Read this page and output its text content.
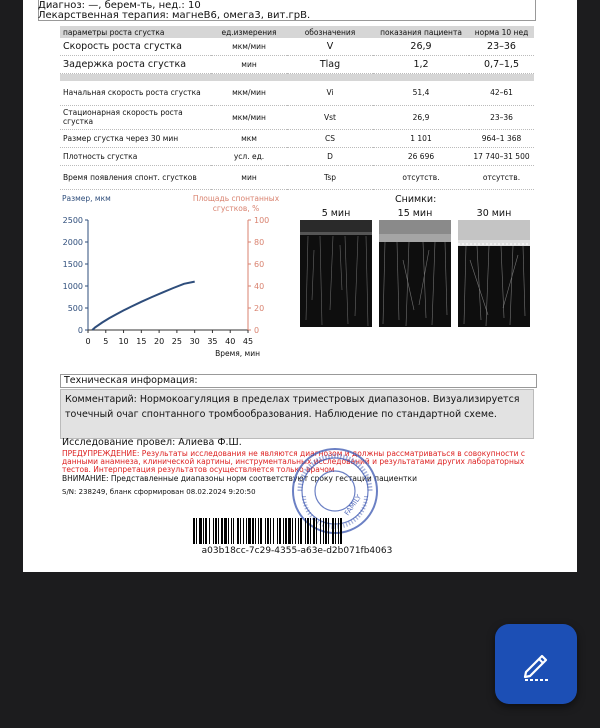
Диагноз: —, берем-ть, нед.: 10
Лекарственная терапия: магнеВ6, омега3, вит.грВ.
параметры роста сгустка	ед.измерения	обозначения	показания пациента	норма 10 нед
Скорость роста сгустка	мкм/мин	V	26,9	23–36
Задержка роста сгустка	мин	Tlag	1,2	0,7–1,5

Начальная скорость роста сгустка	мкм/мин	Vi	51,4	42–61
Стационарная скорость роста сгустка	мкм/мин	Vst	26,9	23–36
Размер сгустка через 30 мин	мкм	CS	1 101	964–1 368
Плотность сгустка	усл. ед.	D	26 696	17 740–31 500
Время появления спонт. сгустков	мин	Tsp	отсутств.	отсутств.
Размер, мкм	Площадь спонтанных
сгустков, %
Время, мин
0
500
1000
1500
2000
2500
0
20
40
60
80
100
0 5 10 15 20 25 30 35 40 45
Снимки:
5 мин	15 мин	30 мин
Техническая информация:
Комментарий: Нормокоагуляция в пределах триместровых диапазонов. Визуализируется
точечный очаг спонтанного тромбообразования. Наблюдение по стандартной схеме.
Исследование провел: Алиева Ф.Ш.
ПРЕДУПРЕЖДЕНИЕ: Результаты исследования не являются диагнозом и должны рассматриваться в совокупности с данными анамнеза, клинической картины, инструментальных исследований и результатами других лабораторных тестов. Интерпретация результатов осуществляется только врачом
ВНИМАНИЕ: Представленные диапазоны норм соответствуют сроку гестации пациентки
S/N: 238249, бланк сформирован 08.02.2024 9:20:50
FAMILY
a03b18cc-7c29-4355-a63e-d2b071fb4063
